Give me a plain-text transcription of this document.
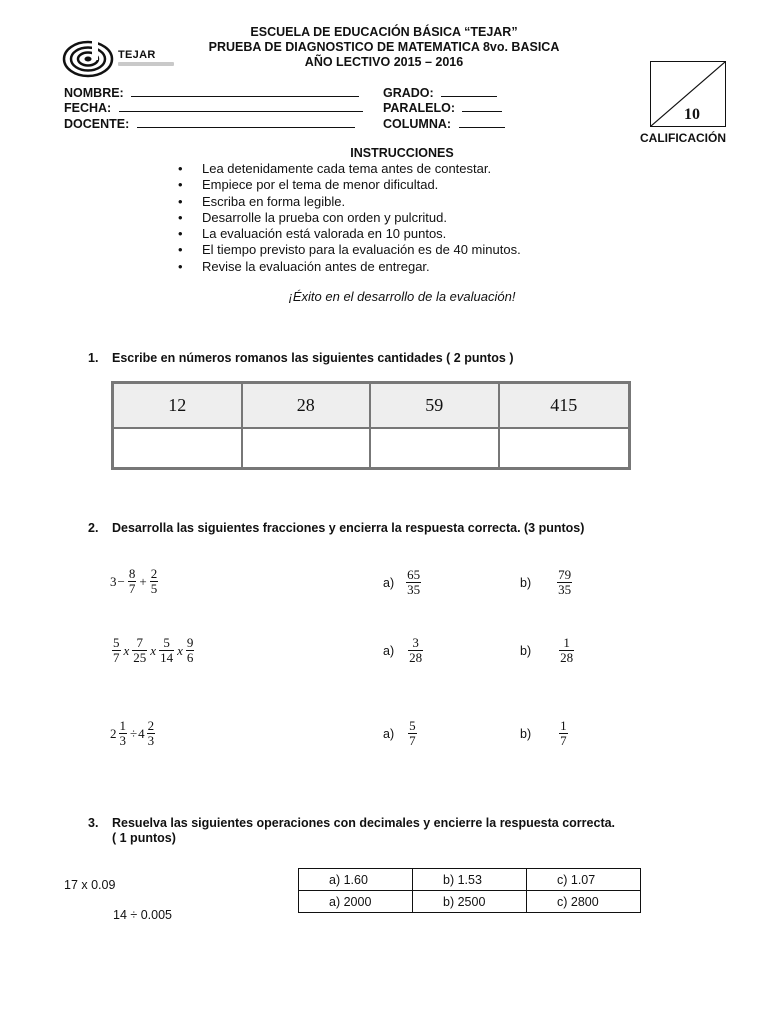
ESCUELA DE EDUCACIÓN BÁSICA “TEJAR”
PRUEBA DE DIAGNOSTICO DE MATEMATICA 8vo. BASICA
AÑO LECTIVO 2015 – 2016
TEJAR
NOMBRE:
FECHA:
DOCENTE:
GRADO:
PARALELO:
COLUMNA:
10
CALIFICACIÓN
INSTRUCCIONES
• Lea detenidamente cada tema antes de contestar.
• Empiece por el tema de menor dificultad.
• Escriba en forma legible.
• Desarrolle la prueba con orden y pulcritud.
• La evaluación está valorada en 10 puntos.
• El tiempo previsto para la evaluación es de 40 minutos.
• Revise la evaluación antes de entregar.
¡Éxito en el desarrollo de la evaluación!
1. Escribe en números romanos las siguientes cantidades ( 2 puntos )
12	28	59	415
2. Desarrolla las siguientes fracciones y encierra la respuesta correcta. (3 puntos)
$3 - \frac{8}{7} + \frac{2}{5}$	$a) \frac{65}{35}$	$b) \frac{79}{35}$
$\frac{5}{7}$ x $\frac{7}{25}$ x $\frac{5}{14}$ x $\frac{9}{6}$	$a) \frac{3}{28}$	$b) \frac{1}{28}$
$2 \frac{1}{3} \div 4 \frac{2}{3}$	$a) \frac{5}{7}$	$b) \frac{1}{7}$
3. Resuelva las siguientes operaciones con decimales y encierre la respuesta correcta.
( 1 puntos)
17 x 0.09
14 ÷ 0.005
a) 1.60	b) 1.53	c) 1.07
a) 2000	b) 2500	c) 2800
